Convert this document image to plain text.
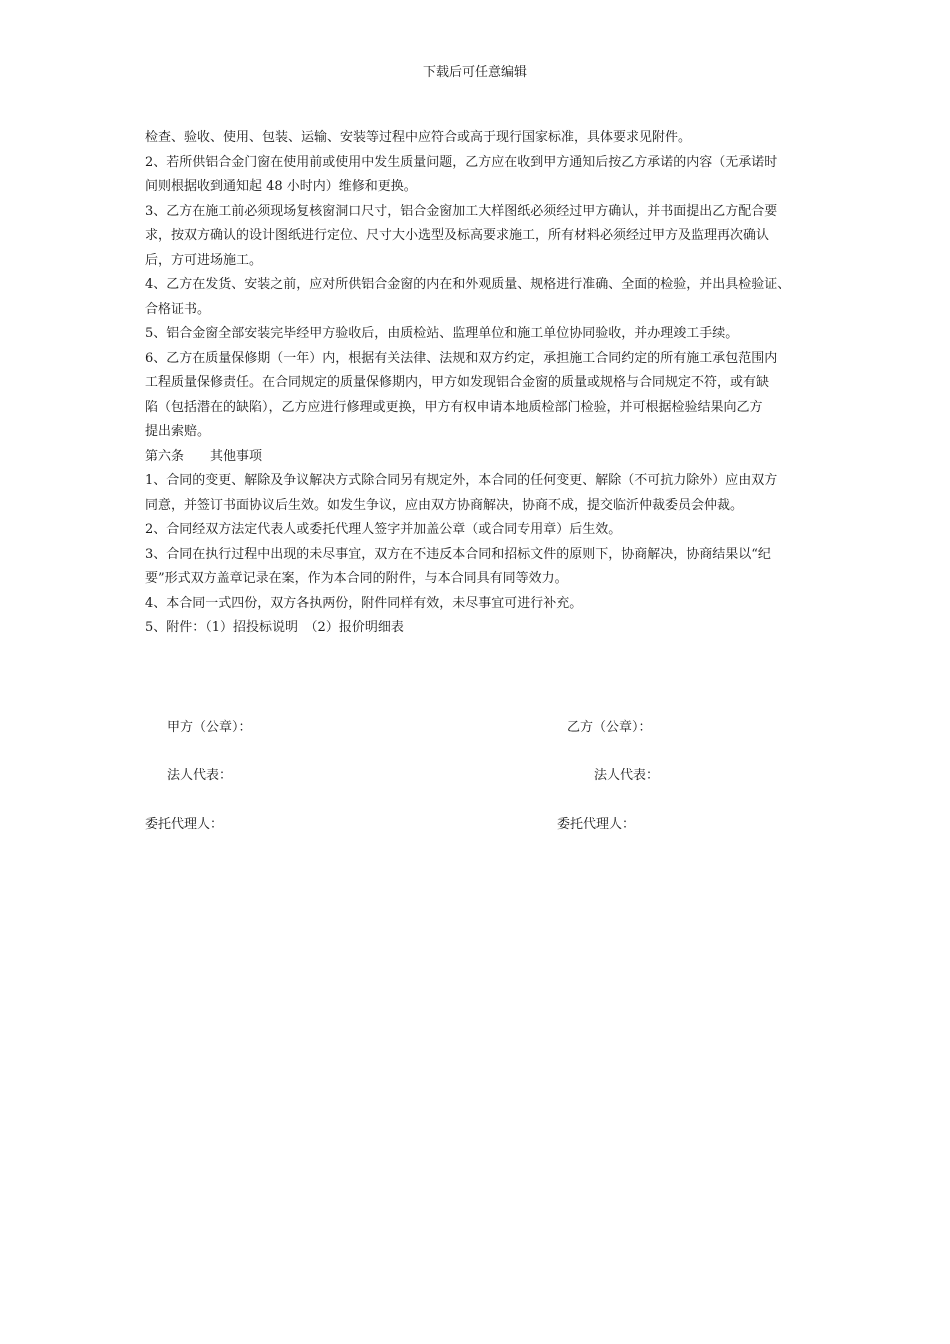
下载后可任意编辑
检查、验收、使用、包装、运输、安装等过程中应符合或高于现行国家标准，具体要求见附件。
2、若所供铝合金门窗在使用前或使用中发生质量问题，乙方应在收到甲方通知后按乙方承诺的内容（无承诺时
间则根据收到通知起 48 小时内）维修和更换。
3、乙方在施工前必须现场复核窗洞口尺寸，铝合金窗加工大样图纸必须经过甲方确认，并书面提出乙方配合要
求，按双方确认的设计图纸进行定位、尺寸大小选型及标高要求施工，所有材料必须经过甲方及监理再次确认
后，方可进场施工。
4、乙方在发货、安装之前，应对所供铝合金窗的内在和外观质量、规格进行准确、全面的检验，并出具检验证、
合格证书。
5、铝合金窗全部安装完毕经甲方验收后，由质检站、监理单位和施工单位协同验收，并办理竣工手续。
6、乙方在质量保修期（一年）内，根据有关法律、法规和双方约定，承担施工合同约定的所有施工承包范围内
工程质量保修责任。在合同规定的质量保修期内，甲方如发现铝合金窗的质量或规格与合同规定不符，或有缺
陷（包括潜在的缺陷），乙方应进行修理或更换，甲方有权申请本地质检部门检验，并可根据检验结果向乙方
提出索赔。
第六条　　其他事项
1、合同的变更、解除及争议解决方式除合同另有规定外，本合同的任何变更、解除（不可抗力除外）应由双方
同意，并签订书面协议后生效。如发生争议，应由双方协商解决，协商不成，提交临沂仲裁委员会仲裁。
2、合同经双方法定代表人或委托代理人签字并加盖公章（或合同专用章）后生效。
3、合同在执行过程中出现的未尽事宜，双方在不违反本合同和招标文件的原则下，协商解决，协商结果以“纪
要”形式双方盖章记录在案，作为本合同的附件，与本合同具有同等效力。
4、本合同一式四份，双方各执两份，附件同样有效，未尽事宜可进行补充。
5、附件：（1）招投标说明　（2）报价明细表
甲方（公章）：	乙方（公章）：
法人代表：	法人代表：
委托代理人：	委托代理人：
